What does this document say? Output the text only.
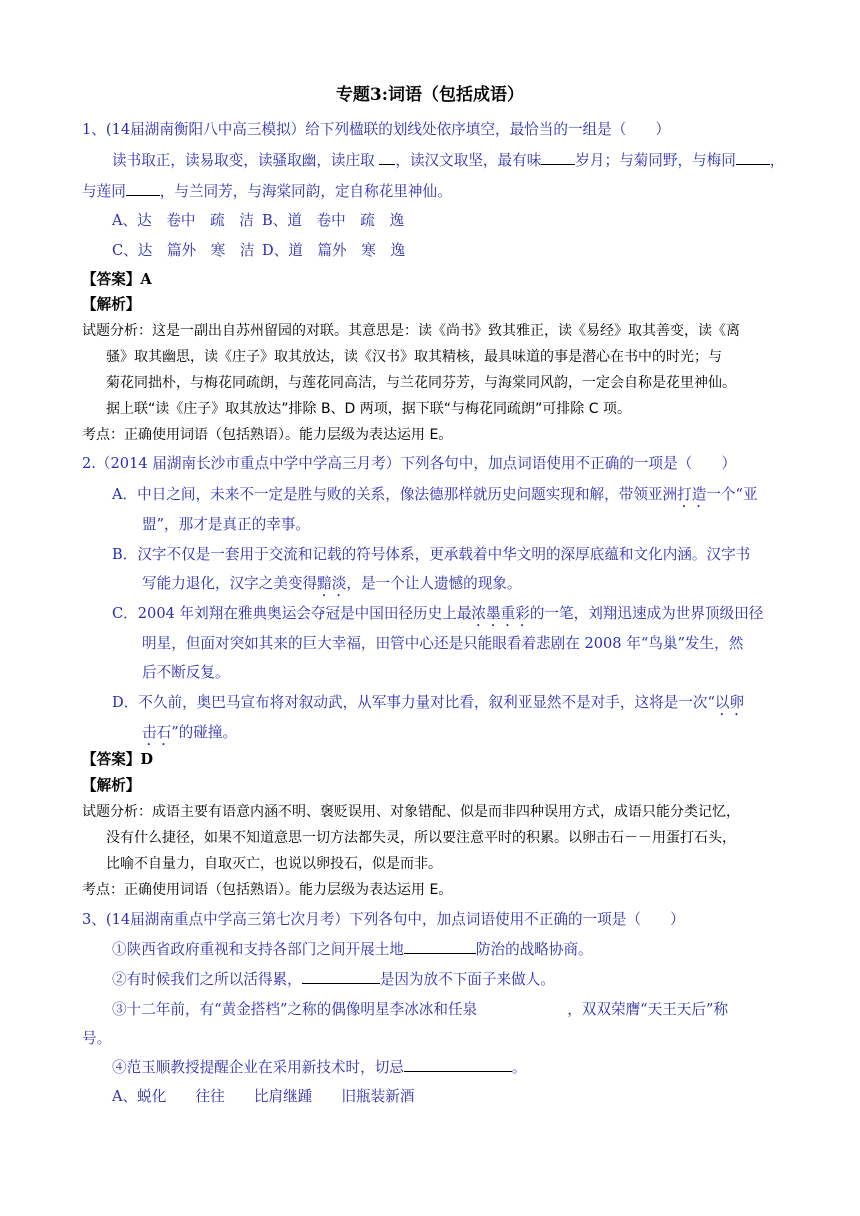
专题3:词语（包括成语）
1、(14届湖南衡阳八中高三模拟）给下列楹联的划线处依序填空，最恰当的一组是（　　）
读书取正，读易取变，读骚取幽，读庄取 ，读汉文取坚，最有味 岁月；与菊同野，与梅同 ，
与莲同 ，与兰同芳，与海棠同韵，定自称花里神仙。
A、达　卷中　疏　洁 B、道　卷中　疏　逸
C、达　篇外　寒　洁 D、道　篇外　寒　逸
【答案】A
【解析】
试题分析：这是一副出自苏州留园的对联。其意思是：读《尚书》致其雅正，读《易经》取其善变，读《离
骚》取其幽思，读《庄子》取其放达，读《汉书》取其精核，最具味道的事是潜心在书中的时光；与
菊花同拙朴，与梅花同疏朗，与莲花同高洁，与兰花同芬芳，与海棠同风韵，一定会自称是花里神仙。
据上联“读《庄子》取其放达”排除 B、D 两项，据下联“与梅花同疏朗”可排除 C 项。
考点：正确使用词语（包括熟语）。能力层级为表达运用 E。
2.（2014 届湖南长沙市重点中学中学高三月考）下列各句中，加点词语使用不正确的一项是（　　）
A．中日之间，未来不一定是胜与败的关系，像法德那样就历史问题实现和解，带领亚洲打造一个“亚
盟”，那才是真正的幸事。
B．汉字不仅是一套用于交流和记载的符号体系，更承载着中华文明的深厚底蕴和文化内涵。汉字书
写能力退化，汉字之美变得黯淡，是一个让人遗憾的现象。
C．2004 年刘翔在雅典奥运会夺冠是中国田径历史上最浓墨重彩的一笔，刘翔迅速成为世界顶级田径
明星，但面对突如其来的巨大幸福，田管中心还是只能眼看着悲剧在 2008 年“鸟巢”发生，然
后不断反复。
D．不久前，奥巴马宣布将对叙动武，从军事力量对比看，叙利亚显然不是对手，这将是一次“以卵
击石”的碰撞。
【答案】D
【解析】
试题分析：成语主要有语意内涵不明、褒贬误用、对象错配、似是而非四种误用方式，成语只能分类记忆，
没有什么捷径，如果不知道意思一切方法都失灵，所以要注意平时的积累。以卵击石－－用蛋打石头，
比喻不自量力，自取灭亡，也说以卵投石，似是而非。
考点：正确使用词语（包括熟语）。能力层级为表达运用 E。
3、(14届湖南重点中学高三第七次月考）下列各句中，加点词语使用不正确的一项是（　　）
①陕西省政府重视和支持各部门之间开展土地	防治的战略协商。
②有时候我们之所以活得累，	是因为放不下面子来做人。
③十二年前，有“黄金搭档”之称的偶像明星李冰冰和任泉	，双双荣膺“天王天后”称
号。
④范玉顺教授提醒企业在采用新技术时，切忌	。
A、蜕化　　往往　　比肩继踵　　旧瓶装新酒
